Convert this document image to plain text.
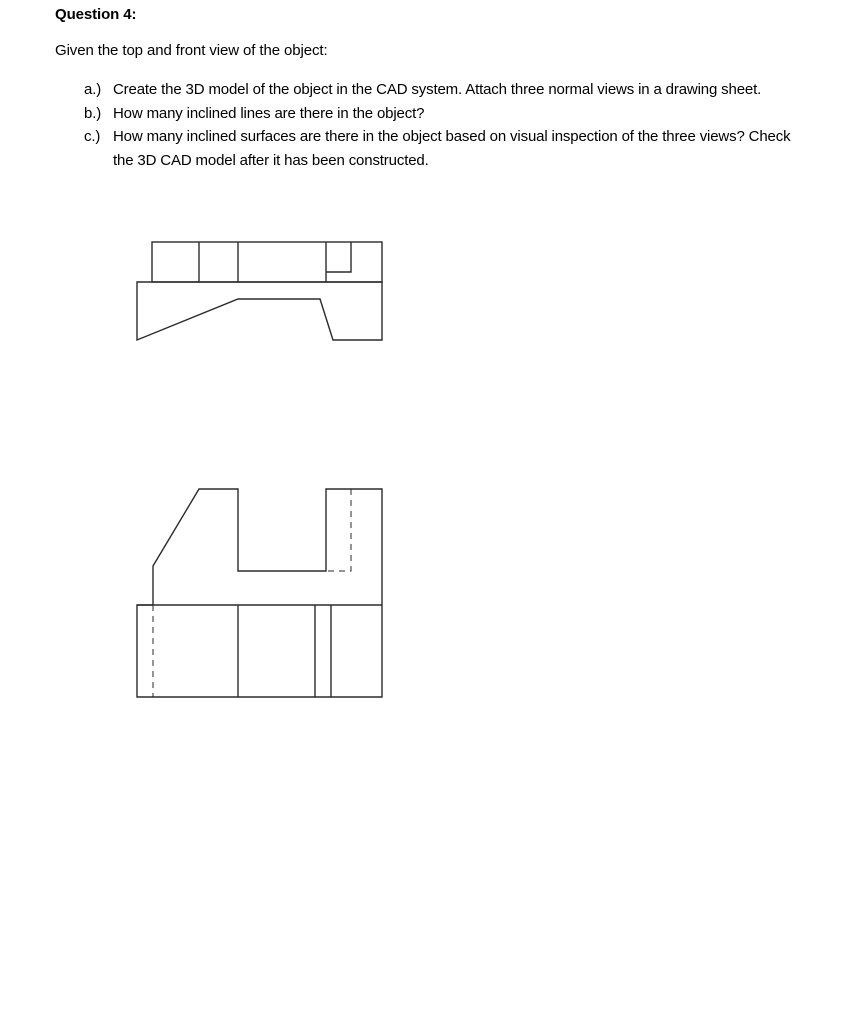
Question 4:
Given the top and front view of the object:
a.) Create the 3D model of the object in the CAD system. Attach three normal views in a drawing sheet.
b.) How many inclined lines are there in the object?
c.) How many inclined surfaces are there in the object based on visual inspection of the three views? Check the 3D CAD model after it has been constructed.
